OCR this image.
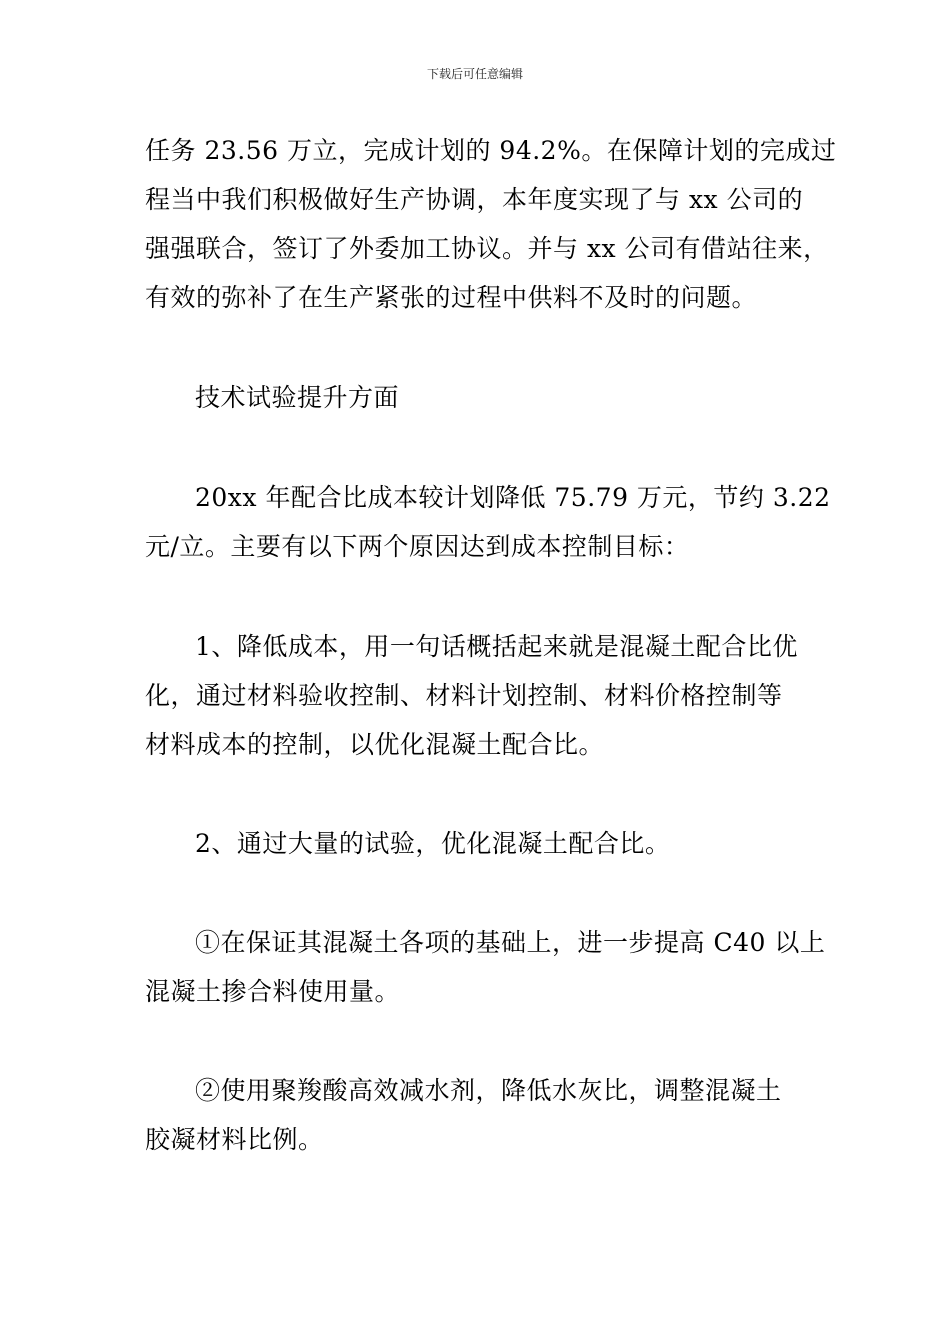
下载后可任意编辑
任务 23.56 万立，完成计划的 94.2%。在保障计划的完成过
程当中我们积极做好生产协调，本年度实现了与 xx 公司的
强强联合，签订了外委加工协议。并与 xx 公司有借站往来，
有效的弥补了在生产紧张的过程中供料不及时的问题。
技术试验提升方面
20xx 年配合比成本较计划降低 75.79 万元，节约 3.22
元/立。主要有以下两个原因达到成本控制目标：
1、降低成本，用一句话概括起来就是混凝土配合比优
化，通过材料验收控制、材料计划控制、材料价格控制等
材料成本的控制，以优化混凝土配合比。
2、通过大量的试验，优化混凝土配合比。
①在保证其混凝土各项的基础上，进一步提高 C40 以上
混凝土掺合料使用量。
②使用聚羧酸高效减水剂，降低水灰比，调整混凝土
胶凝材料比例。
